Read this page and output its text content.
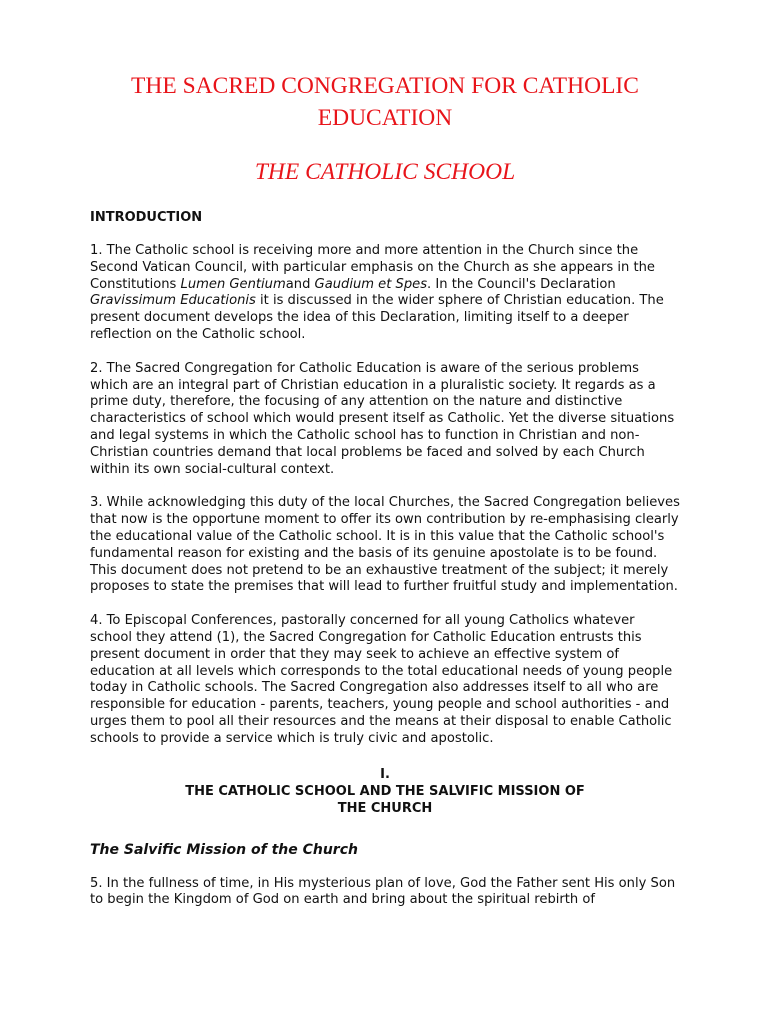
THE SACRED CONGREGATION FOR CATHOLIC EDUCATION
THE CATHOLIC SCHOOL
INTRODUCTION

1. The Catholic school is receiving more and more attention in the Church since the Second Vatican Council, with particular emphasis on the Church as she appears in the Constitutions Lumen Gentiumand Gaudium et Spes. In the Council's Declaration Gravissimum Educationis it is discussed in the wider sphere of Christian education. The present document develops the idea of this Declaration, limiting itself to a deeper reflection on the Catholic school.

2. The Sacred Congregation for Catholic Education is aware of the serious problems which are an integral part of Christian education in a pluralistic society. It regards as a prime duty, therefore, the focusing of any attention on the nature and distinctive characteristics of school which would present itself as Catholic. Yet the diverse situations and legal systems in which the Catholic school has to function in Christian and non-Christian countries demand that local problems be faced and solved by each Church within its own social-cultural context.

3. While acknowledging this duty of the local Churches, the Sacred Congregation believes that now is the opportune moment to offer its own contribution by re-emphasising clearly the educational value of the Catholic school. It is in this value that the Catholic school's fundamental reason for existing and the basis of its genuine apostolate is to be found. This document does not pretend to be an exhaustive treatment of the subject; it merely proposes to state the premises that will lead to further fruitful study and implementation.

4. To Episcopal Conferences, pastorally concerned for all young Catholics whatever school they attend (1), the Sacred Congregation for Catholic Education entrusts this present document in order that they may seek to achieve an effective system of education at all levels which corresponds to the total educational needs of young people today in Catholic schools. The Sacred Congregation also addresses itself to all who are responsible for education - parents, teachers, young people and school authorities - and urges them to pool all their resources and the means at their disposal to enable Catholic schools to provide a service which is truly civic and apostolic.

I.
THE CATHOLIC SCHOOL AND THE SALVIFIC MISSION OF
THE CHURCH
The Salvific Mission of the Church

5. In the fullness of time, in His mysterious plan of love, God the Father sent His only Son to begin the Kingdom of God on earth and bring about the spiritual rebirth of
